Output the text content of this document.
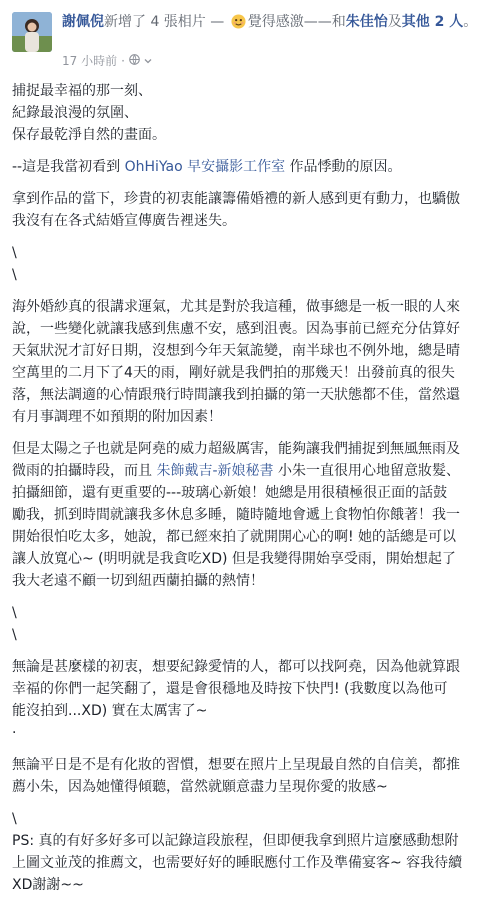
謝佩倪新增了 4 張相片 — 覺得感激——和朱佳怡及其他 2 人。
17 小時前 ·

捕捉最幸福的那一刻、
紀錄最浪漫的氛圍、
保存最乾淨自然的畫面。

--這是我當初看到 OhHiYao 早安攝影工作室 作品悸動的原因。

拿到作品的當下，珍貴的初衷能讓籌備婚禮的新人感到更有動力，也驕傲
我沒有在各式結婚宣傳廣告裡迷失。

\
\

海外婚紗真的很講求運氣，尤其是對於我這種，做事總是一板一眼的人來
說，一些變化就讓我感到焦慮不安，感到沮喪。因為事前已經充分估算好
天氣狀況才訂好日期，沒想到今年天氣詭變，南半球也不例外地，總是晴
空萬里的二月下了4天的雨，剛好就是我們拍的那幾天！出發前真的很失
落，無法調適的心情跟飛行時間讓我到拍攝的第一天狀態都不佳，當然還
有月事調理不如預期的附加因素！

但是太陽之子也就是阿堯的威力超級厲害，能夠讓我們捕捉到無風無雨及
微雨的拍攝時段，而且 朱飾戴吉-新娘秘書 小朱一直很用心地留意妝髮、
拍攝細節，還有更重要的---玻璃心新娘！她總是用很積極很正面的話鼓
勵我，抓到時間就讓我多休息多睡，隨時隨地會遞上食物怕你餓著！我一
開始很怕吃太多，她說，都已經來拍了就開開心心的啊! 她的話總是可以
讓人放寬心~ (明明就是我貪吃XD) 但是我變得開始享受雨，開始想起了
我大老遠不顧一切到紐西蘭拍攝的熱情！

\
\

無論是甚麼樣的初衷，想要紀錄愛情的人，都可以找阿堯，因為他就算跟
幸福的你們一起笑翻了，還是會很穩地及時按下快門! (我數度以為他可
能沒拍到...XD) 實在太厲害了~

·

無論平日是不是有化妝的習慣，想要在照片上呈現最自然的自信美，都推
薦小朱，因為她懂得傾聽，當然就願意盡力呈現你愛的妝感~

\

PS: 真的有好多好多可以記錄這段旅程，但即便我拿到照片這麼感動想附
上圖文並茂的推薦文，也需要好好的睡眠應付工作及準備宴客~ 容我待續
XD謝謝~~
